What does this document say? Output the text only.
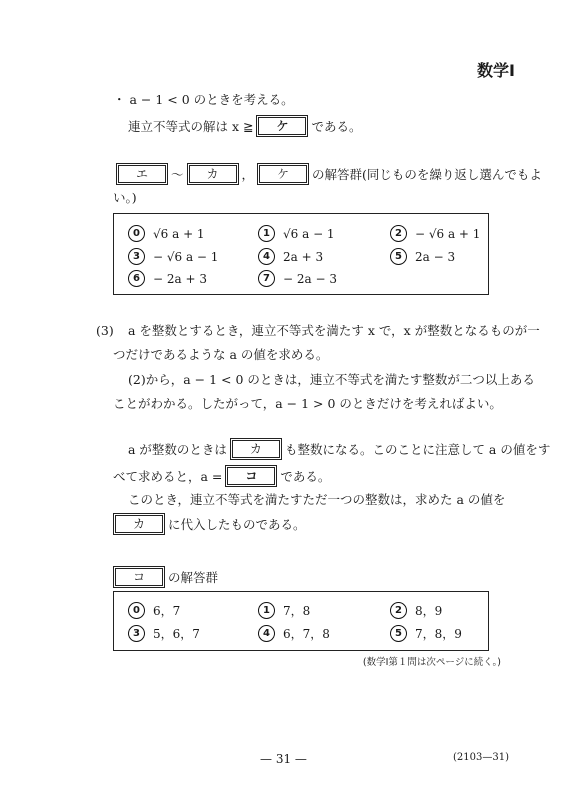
数学Ⅰ
・ a − 1 < 0 のときを考える。
連立不等式の解は x ≧	ケ	である。
エ	〜	カ	，	ケ	の解答群(同じものを繰り返し選んでもよ
い。)
0	√6 a + 1	1	√6 a − 1	2	− √6 a + 1
3	− √6 a − 1	4	2a + 3	5	2a − 3
6	− 2a + 3	7	− 2a − 3
(3) a を整数とするとき，連立不等式を満たす x で，x が整数となるものが一
つだけであるような a の値を求める。
(2)から，a − 1 < 0 のときは，連立不等式を満たす整数が二つ以上ある
ことがわかる。したがって，a − 1 > 0 のときだけを考えればよい。
a が整数のときは	カ	も整数になる。このことに注意して a の値をす
べて求めると，a =	コ	である。
このとき，連立不等式を満たすただ一つの整数は，求めた a の値を
カ	に代入したものである。
コ	の解答群
0	6，7	1	7，8	2	8，9
3	5，6，7	4	6，7，8	5	7，8，9
(数学Ⅰ第１問は次ページに続く。)
— 31 —	(2103—31)
